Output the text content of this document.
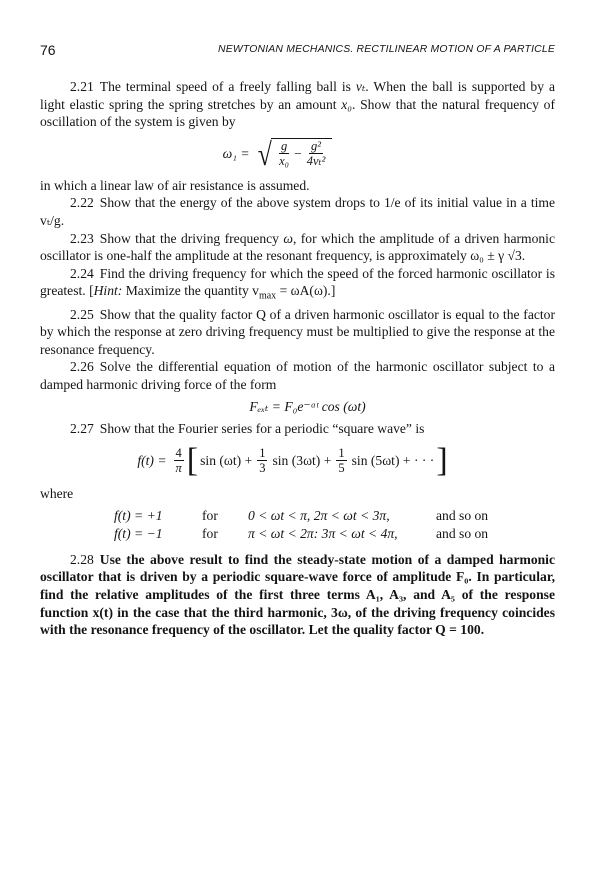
76	NEWTONIAN MECHANICS. RECTILINEAR MOTION OF A PARTICLE

2.21 The terminal speed of a freely falling ball is vₜ. When the ball is supported by a light elastic spring the spring stretches by an amount x₀. Show that the natural frequency of oscillation of the system is given by

ω₁ = √ $\frac{g}{\text{x₀}} - \frac{\text{g²}}{\text{4vₜ²}}$

in which a linear law of air resistance is assumed.

2.22 Show that the energy of the above system drops to 1/e of its initial value in a time vₜ/g.

2.23 Show that the driving frequency ω, for which the amplitude of a driven harmonic oscillator is one-half the amplitude at the resonant frequency, is approximately ω₀ ± γ √3.

2.24 Find the driving frequency for which the speed of the forced harmonic oscillator is greatest. [Hint: Maximize the quantity $v_{max} = \omega A(\omega)$.]

2.25 Show that the quality factor Q of a driven harmonic oscillator is equal to the factor by which the response at zero driving frequency must be multiplied to give the response at the resonance frequency.

2.26 Solve the differential equation of motion of the harmonic oscillator subject to a damped harmonic driving force of the form

Fₑₓₜ = F₀e⁻ᵅᵗ cos (ωt)

2.27 Show that the Fourier series for a periodic “square wave” is

$f(t) = \frac{4}{\pi}$ [ $\sin (\omega t) + \frac{1}{3}$ $\sin (3\omega t) + \frac{1}{5}$ sin (5ωt) + · · · ]

where

f(t) = +1	for	0 < ωt < π, 2π < ωt < 3π,	and so on
f(t) = −1	for	π < ωt < 2π: 3π < ωt < 4π,	and so on

2.28 Use the above result to find the steady-state motion of a damped harmonic oscillator that is driven by a periodic square-wave force of amplitude F₀. In particular, find the relative amplitudes of the first three terms A₁, A₃, and A₅ of the response function x(t) in the case that the third harmonic, 3ω, of the driving frequency coincides with the resonance frequency of the oscillator. Let the quality factor Q = 100.
